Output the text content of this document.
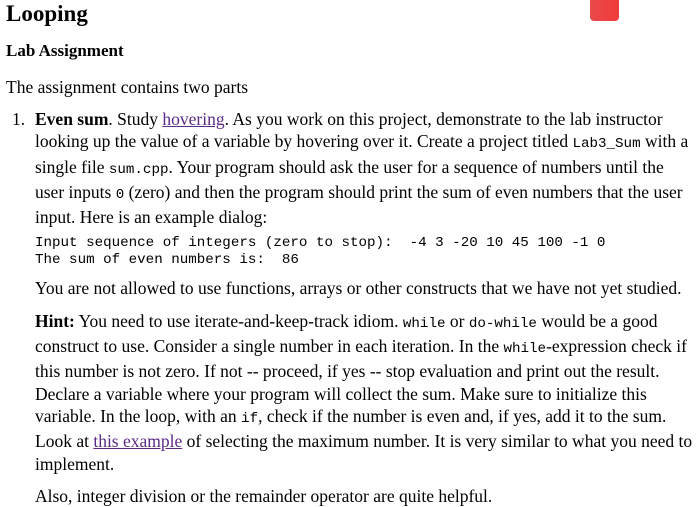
Looping
Lab Assignment

The assignment contains two parts

1. Even sum. Study hovering. As you work on this project, demonstrate to the lab instructor looking up the value of a variable by hovering over it. Create a project titled Lab3_Sum with a single file sum.cpp. Your program should ask the user for a sequence of numbers until the user inputs 0 (zero) and then the program should print the sum of even numbers that the user input. Here is an example dialog:

Input sequence of integers (zero to stop):  -4 3 -20 10 45 100 -1 0
The sum of even numbers is:  86

You are not allowed to use functions, arrays or other constructs that we have not yet studied.

Hint: You need to use iterate-and-keep-track idiom. while or do-while would be a good construct to use. Consider a single number in each iteration. In the while-expression check if this number is not zero. If not -- proceed, if yes -- stop evaluation and print out the result. Declare a variable where your program will collect the sum. Make sure to initialize this variable. In the loop, with an if, check if the number is even and, if yes, add it to the sum. Look at this example of selecting the maximum number. It is very similar to what you need to implement.

Also, integer division or the remainder operator are quite helpful.
